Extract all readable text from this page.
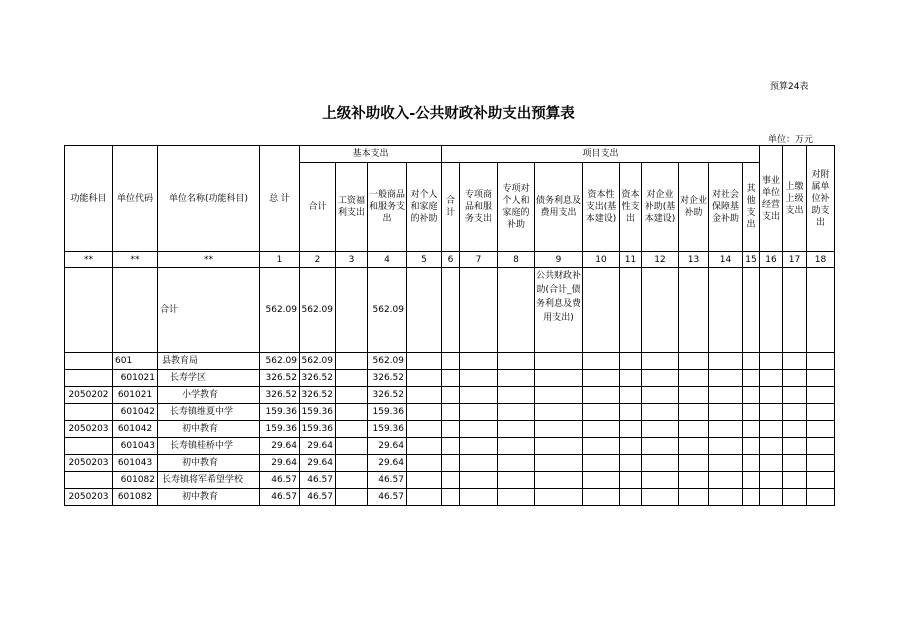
预算24表
上级补助收入-公共财政补助支出预算表
单位：万元
功能科目	单位代码	单位名称(功能科目)	总 计	基本支出				项目支出										事业单位经营支出	上缴上级支出	对附属单位补助支出
				合计	工资福利支出	一般商品和服务支出	对个人和家庭的补助	合计	专项商品和服务支出	专项对个人和家庭的补助	债务利息及费用支出	资本性支出(基本建设)	资本性支出	对企业补助(基本建设)	对企业补助	对社会保障基金补助	其他支出			
**	**	**	1	2	3	4	5	6	7	8	9	10	11	12	13	14	15	16	17	18
		合计	562.09	562.09		562.09					公共财政补助(合计_债务利息及费用支出)									
	601	县教育局	562.09	562.09		562.09														
	601021	长寿学区	326.52	326.52		326.52														
2050202	601021	小学教育	326.52	326.52		326.52														
	601042	长寿镇维夏中学	159.36	159.36		159.36														
2050203	601042	初中教育	159.36	159.36		159.36														
	601043	长寿镇桂桥中学	29.64	29.64		29.64														
2050203	601043	初中教育	29.64	29.64		29.64														
	601082	长寿镇将军希望学校	46.57	46.57		46.57														
2050203	601082	初中教育	46.57	46.57		46.57														
